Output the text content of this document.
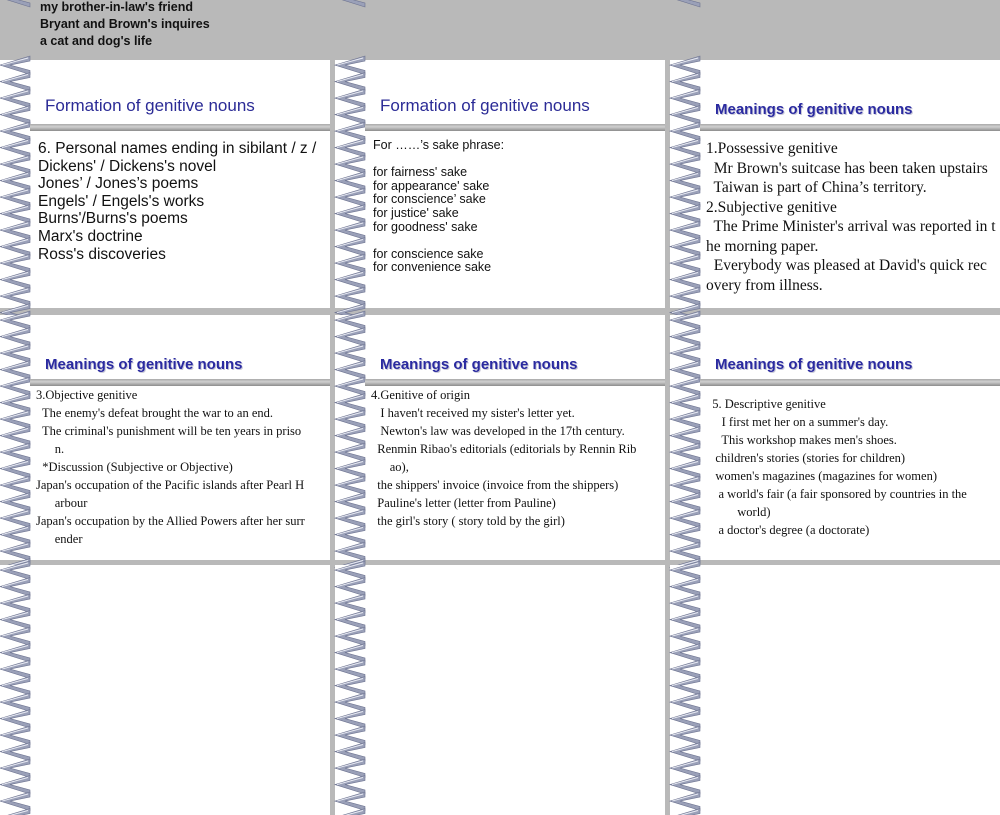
my brother-in-law's friend
Bryant and Brown's inquires
a cat and dog's life
Formation of genitive nouns
6. Personal names ending in sibilant / z /
Dickens' / Dickens's novel
Jones’ / Jones’s poems
Engels' / Engels's works
Burns'/Burns's poems
Marx's doctrine
Ross's discoveries
Formation of genitive nouns
For ……’s sake phrase:

for fairness' sake
for appearance' sake
for conscience’ sake
for justice' sake
for goodness' sake

for conscience sake
for convenience sake
Meanings of genitive nouns
1.Possessive genitive
Mr Brown's suitcase has been taken upstairs
Taiwan is part of China’s territory.
2.Subjective genitive
The Prime Minister's arrival was reported in t
he morning paper.
Everybody was pleased at David's quick rec
overy from illness.
Meanings of genitive nouns
3.Objective genitive
The enemy's defeat brought the war to an end.
The criminal's punishment will be ten years in priso
n.
*Discussion (Subjective or Objective)
Japan's occupation of the Pacific islands after Pearl H
arbour
Japan's occupation by the Allied Powers after her surr
ender
Meanings of genitive nouns
4.Genitive of origin
I haven't received my sister's letter yet.
Newton's law was developed in the 17th century.
Renmin Ribao's editorials (editorials by Rennin Rib
ao),
the shippers' invoice (invoice from the shippers)
Pauline's letter (letter from Pauline)
the girl's story ( story told by the girl)
Meanings of genitive nouns
5. Descriptive genitive
I first met her on a summer's day.
This workshop makes men's shoes.
children's stories (stories for children)
women's magazines (magazines for women)
a world's fair (a fair sponsored by countries in the
world)
a doctor's degree (a doctorate)
